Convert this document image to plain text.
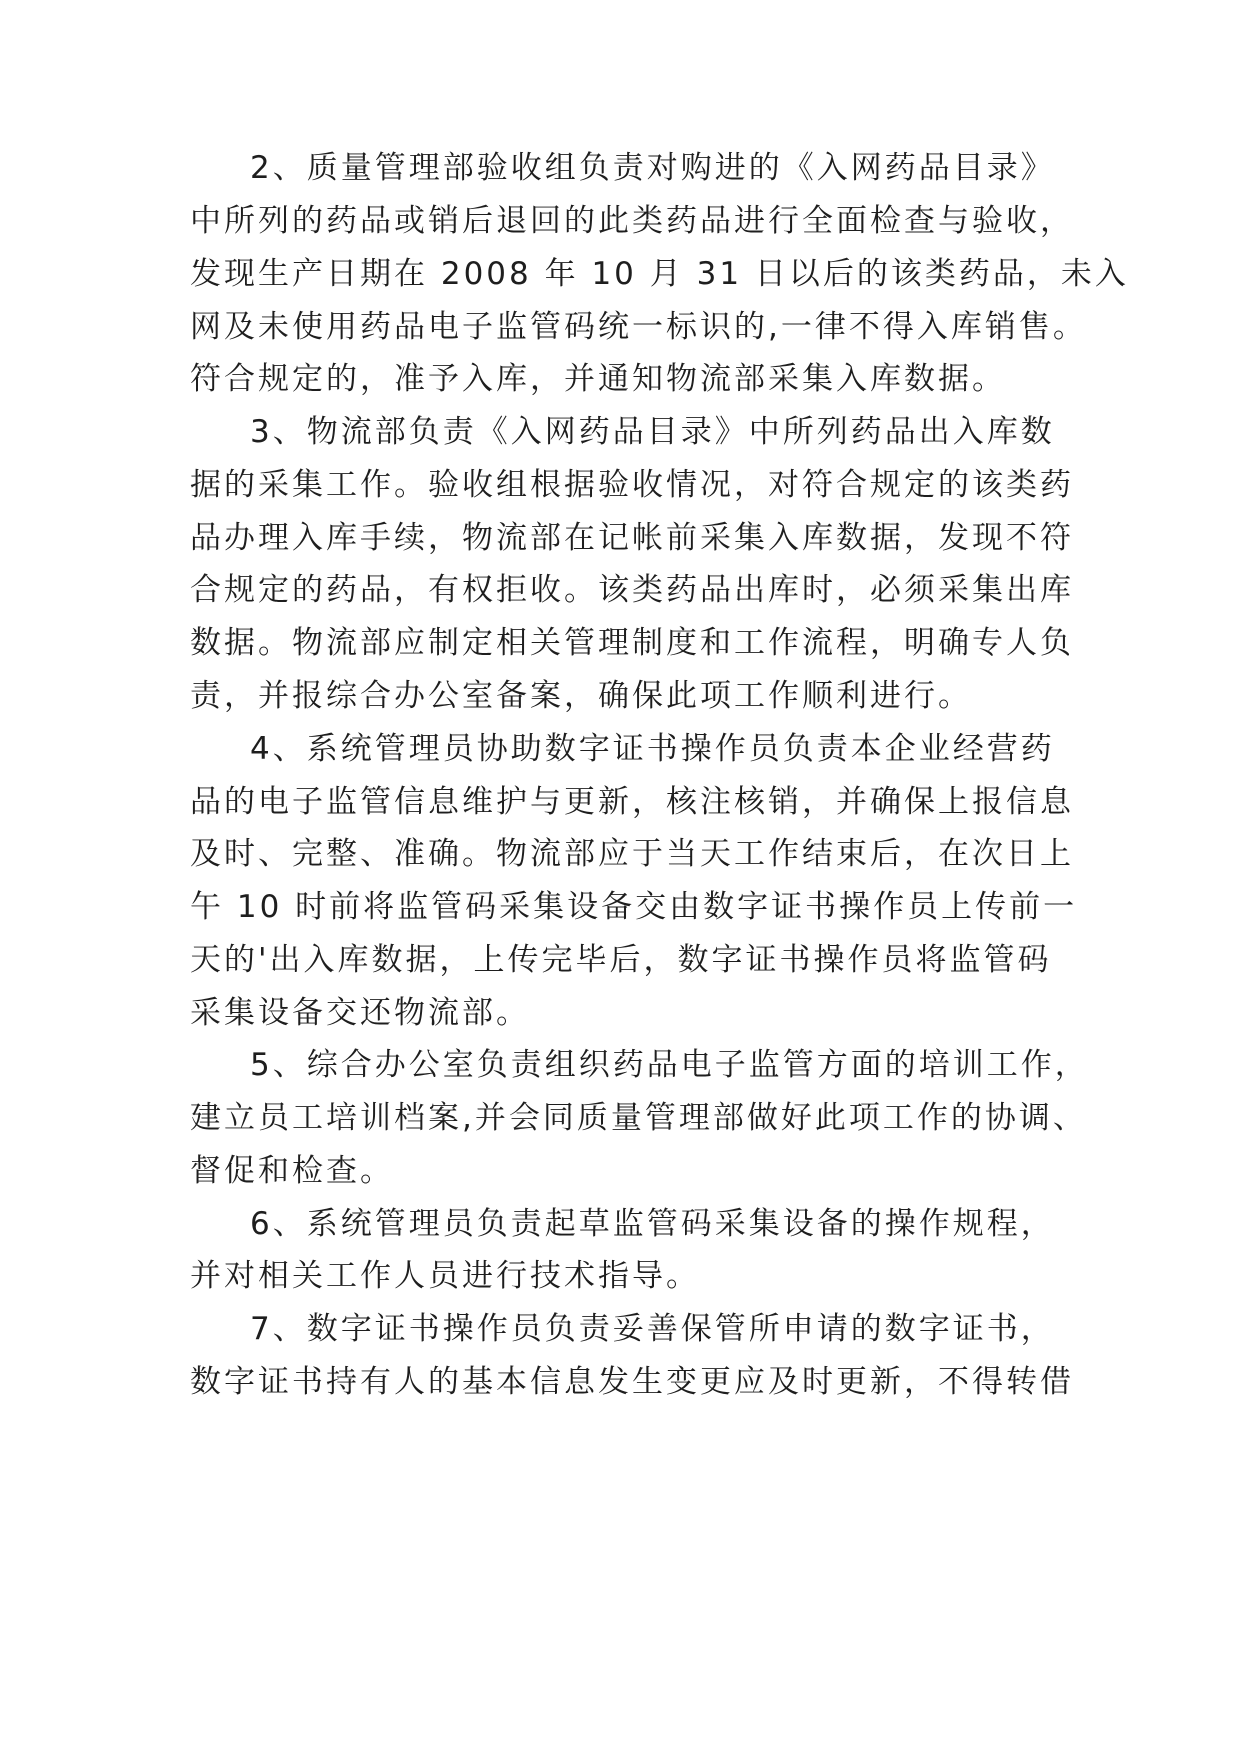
2、质量管理部验收组负责对购进的《入网药品目录》
中所列的药品或销后退回的此类药品进行全面检查与验收，
发现生产日期在 2008 年 10 月 31 日以后的该类药品，未入
网及未使用药品电子监管码统一标识的,一律不得入库销售。
符合规定的，准予入库，并通知物流部采集入库数据。
3、物流部负责《入网药品目录》中所列药品出入库数
据的采集工作。验收组根据验收情况，对符合规定的该类药
品办理入库手续，物流部在记帐前采集入库数据，发现不符
合规定的药品，有权拒收。该类药品出库时，必须采集出库
数据。物流部应制定相关管理制度和工作流程，明确专人负
责，并报综合办公室备案，确保此项工作顺利进行。
4、系统管理员协助数字证书操作员负责本企业经营药
品的电子监管信息维护与更新，核注核销，并确保上报信息
及时、完整、准确。物流部应于当天工作结束后，在次日上
午 10 时前将监管码采集设备交由数字证书操作员上传前一
天的'出入库数据，上传完毕后，数字证书操作员将监管码
采集设备交还物流部。
5、综合办公室负责组织药品电子监管方面的培训工作，
建立员工培训档案,并会同质量管理部做好此项工作的协调、
督促和检查。
6、系统管理员负责起草监管码采集设备的操作规程，
并对相关工作人员进行技术指导。
7、数字证书操作员负责妥善保管所申请的数字证书，
数字证书持有人的基本信息发生变更应及时更新，不得转借
